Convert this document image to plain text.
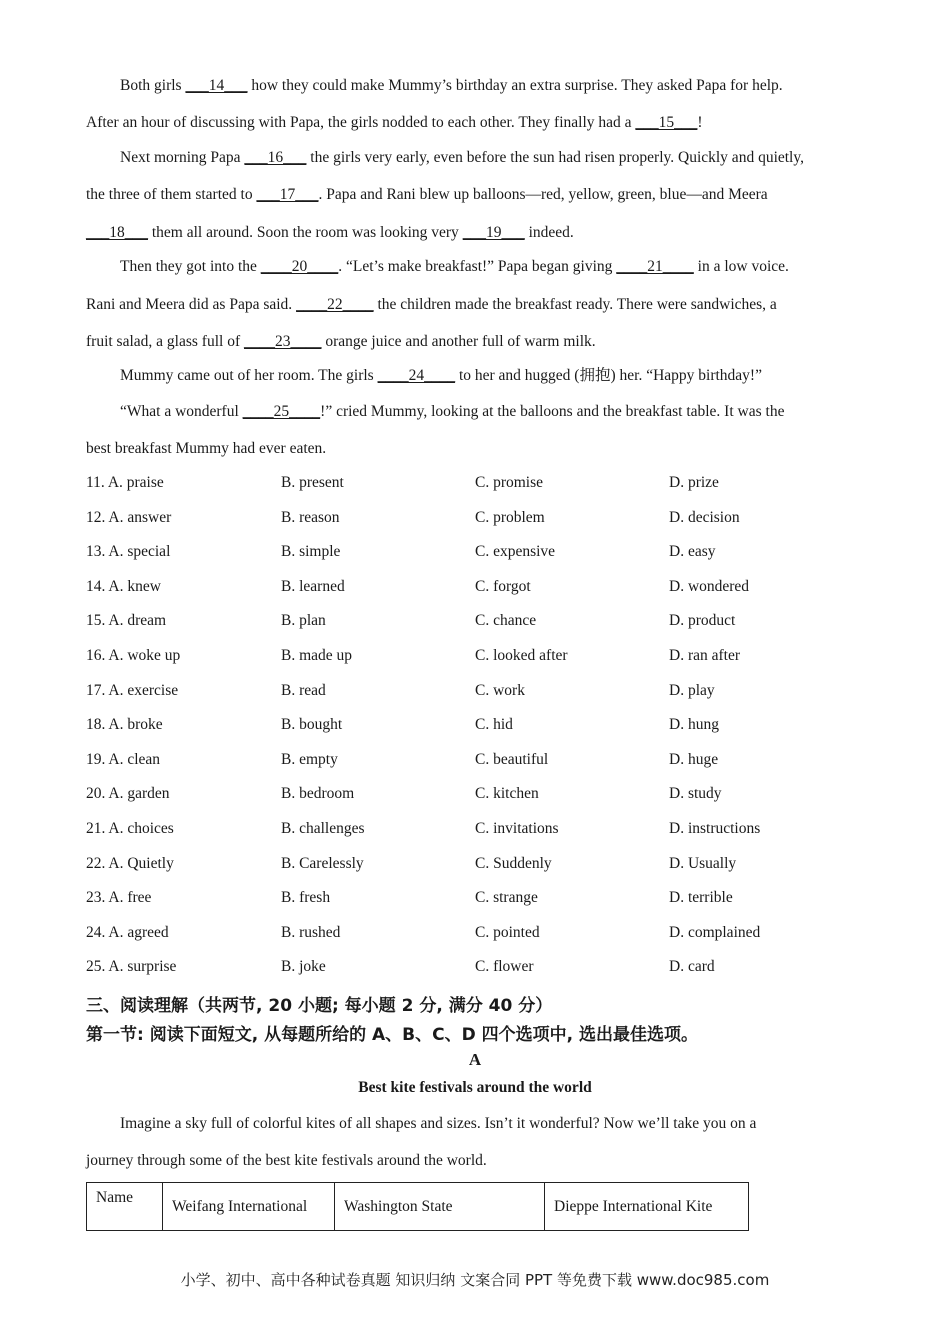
Both girls ___14___ how they could make Mummy’s birthday an extra surprise. They asked Papa for help.
After an hour of discussing with Papa, the girls nodded to each other. They finally had a ___15___!
Next morning Papa ___16___ the girls very early, even before the sun had risen properly. Quickly and quietly,
the three of them started to ___17___. Papa and Rani blew up balloons—red, yellow, green, blue—and Meera
___18___ them all around. Soon the room was looking very ___19___ indeed.
Then they got into the ____20____. “Let’s make breakfast!” Papa began giving ____21____ in a low voice.
Rani and Meera did as Papa said. ____22____ the children made the breakfast ready. There were sandwiches, a
fruit salad, a glass full of ____23____ orange juice and another full of warm milk.
Mummy came out of her room. The girls ____24____ to her and hugged (拥抱) her. “Happy birthday!”
“What a wonderful ____25____!” cried Mummy, looking at the balloons and the breakfast table. It was the
best breakfast Mummy had ever eaten.
11. A. praise	B. present	C. promise	D. prize
12. A. answer	B. reason	C. problem	D. decision
13. A. special	B. simple	C. expensive	D. easy
14. A. knew	B. learned	C. forgot	D. wondered
15. A. dream	B. plan	C. chance	D. product
16. A. woke up	B. made up	C. looked after	D. ran after
17. A. exercise	B. read	C. work	D. play
18. A. broke	B. bought	C. hid	D. hung
19. A. clean	B. empty	C. beautiful	D. huge
20. A. garden	B. bedroom	C. kitchen	D. study
21. A. choices	B. challenges	C. invitations	D. instructions
22. A. Quietly	B. Carelessly	C. Suddenly	D. Usually
23. A. free	B. fresh	C. strange	D. terrible
24. A. agreed	B. rushed	C. pointed	D. complained
25. A. surprise	B. joke	C. flower	D. card
三、阅读理解（共两节, 20 小题; 每小题 2 分, 满分 40 分）
第一节: 阅读下面短文, 从每题所给的 A、B、C、D 四个选项中, 选出最佳选项。
A
Best kite festivals around the world
Imagine a sky full of colorful kites of all shapes and sizes. Isn’t it wonderful? Now we’ll take you on a
journey through some of the best kite festivals around the world.
Name	Weifang International	Washington State	Dieppe International Kite
小学、初中、高中各种试卷真题 知识归纳 文案合同 PPT 等免费下载 www.doc985.com
